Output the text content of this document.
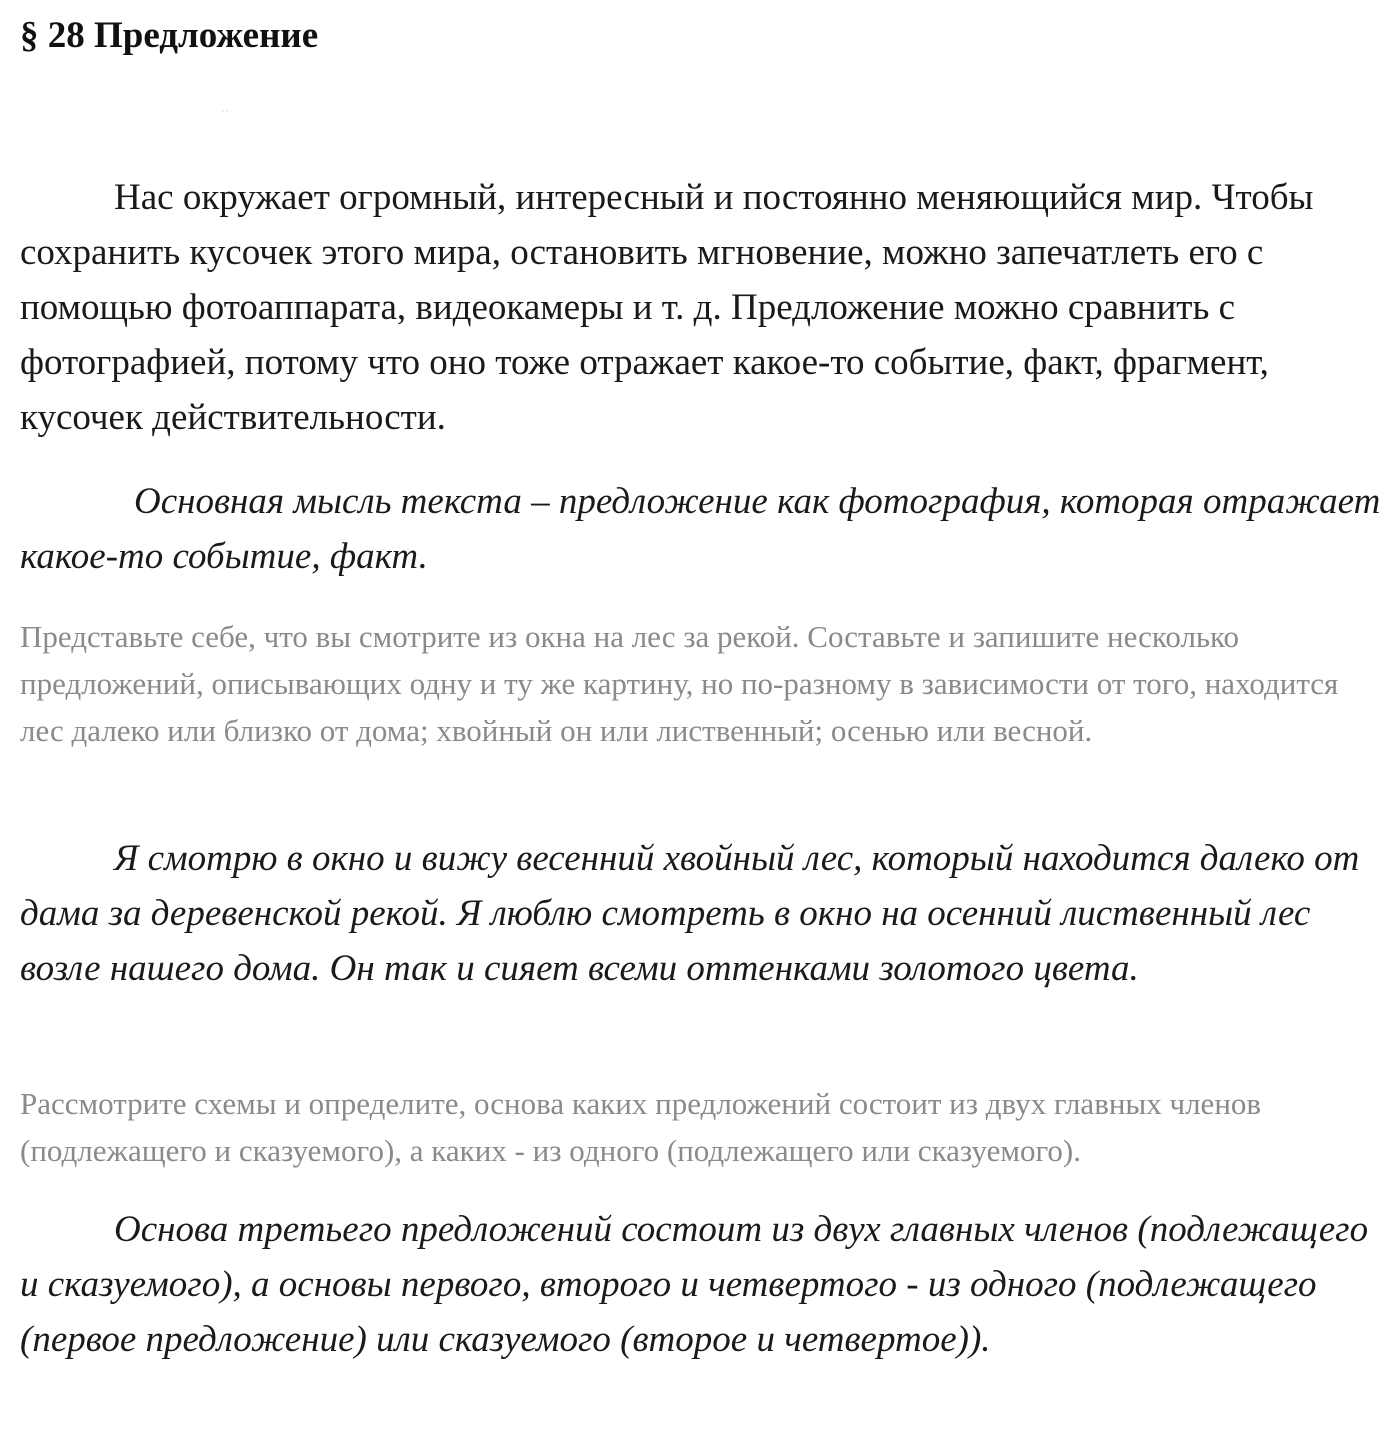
§ 28 Предложение
' '

Нас окружает огромный, интересный и постоянно меняющийся мир. Чтобы сохранить кусочек этого мира, остановить мгновение, можно запечатлеть его с помощью фотоаппарата, видеокамеры и т. д. Предложение можно сравнить с фотографией, потому что оно тоже отражает какое-то событие, факт, фрагмент, кусочек действительности.

Основная мысль текста – предложение как фотография, которая отражает какое-то событие, факт.

Представьте себе, что вы смотрите из окна на лес за рекой. Составьте и запишите несколько предложений, описывающих одну и ту же картину, но по-разному в зависимости от того, находится лес далеко или близко от дома; хвойный он или лиственный; осенью или весной.

Я смотрю в окно и вижу весенний хвойный лес, который находится далеко от дама за деревенской рекой. Я люблю смотреть в окно на осенний лиственный лес возле нашего дома. Он так и сияет всеми оттенками золотого цвета.

Рассмотрите схемы и определите, основа каких предложений состоит из двух главных членов (подлежащего и сказуемого), а каких - из одного (подлежащего или сказуемого).

Основа третьего предложений состоит из двух главных членов (подлежащего и сказуемого), а основы первого, второго и четвертого - из одного (подлежащего (первое предложение) или сказуемого (второе и четвертое)).
